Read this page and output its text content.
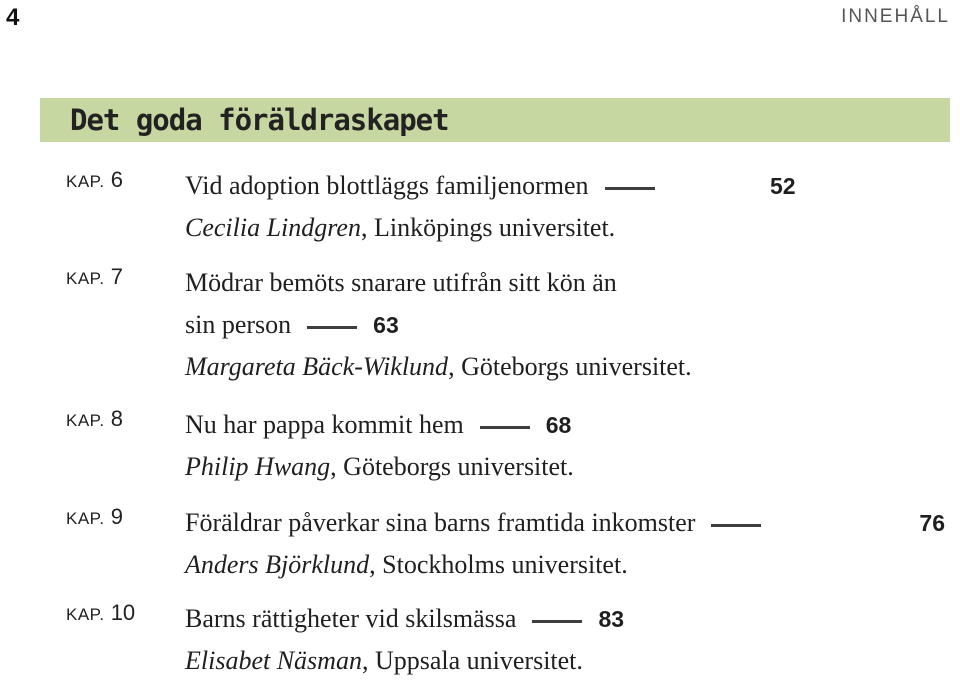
4	INNEHÅLL
Det goda föräldraskapet
KAP. 6 Vid adoption blottläggs familjenormen	52
Cecilia Lindgren, Linköpings universitet.
KAP. 7 Mödrar bemöts snarare utifrån sitt kön än
sin person	63
Margareta Bäck-Wiklund, Göteborgs universitet.
KAP. 8 Nu har pappa kommit hem	68
Philip Hwang, Göteborgs universitet.
KAP. 9 Föräldrar påverkar sina barns framtida inkomster	76
Anders Björklund, Stockholms universitet.
KAP. 10 Barns rättigheter vid skilsmässa	83
Elisabet Näsman, Uppsala universitet.
